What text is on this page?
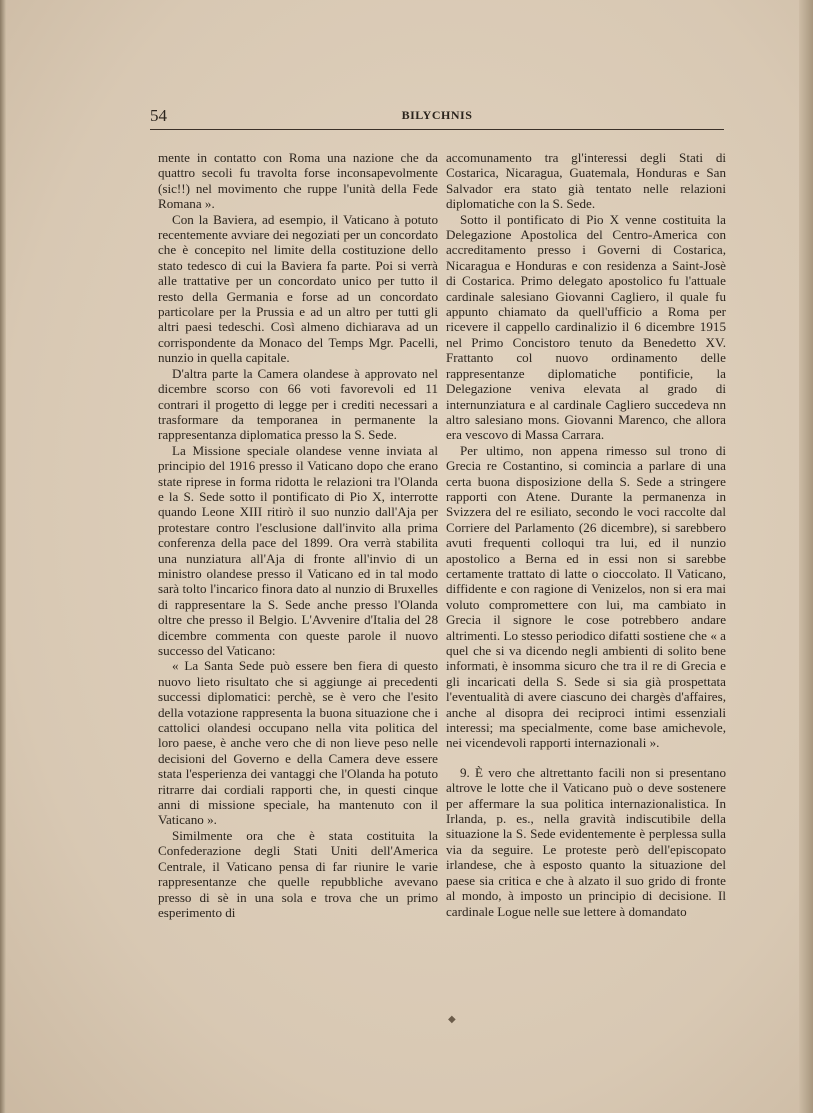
54	BILYCHNIS

mente in contatto con Roma una nazione che da quattro secoli fu travolta forse inconsapevolmente (sic!!) nel movimento che ruppe l'unità della Fede Romana ».

Con la Baviera, ad esempio, il Vaticano à potuto recentemente avviare dei negoziati per un concordato che è concepito nel limite della costituzione dello stato tedesco di cui la Baviera fa parte. Poi si verrà alle trattative per un concordato unico per tutto il resto della Germania e forse ad un concordato particolare per la Prussia e ad un altro per tutti gli altri paesi tedeschi. Così almeno dichiarava ad un corrispondente da Monaco del Temps Mgr. Pacelli, nunzio in quella capitale.

D'altra parte la Camera olandese à approvato nel dicembre scorso con 66 voti favorevoli ed 11 contrari il progetto di legge per i crediti necessari a trasformare da temporanea in permanente la rappresentanza diplomatica presso la S. Sede.

La Missione speciale olandese venne inviata al principio del 1916 presso il Vaticano dopo che erano state riprese in forma ridotta le relazioni tra l'Olanda e la S. Sede sotto il pontificato di Pio X, interrotte quando Leone XIII ritirò il suo nunzio dall'Aja per protestare contro l'esclusione dall'invito alla prima conferenza della pace del 1899. Ora verrà stabilita una nunziatura all'Aja di fronte all'invio di un ministro olandese presso il Vaticano ed in tal modo sarà tolto l'incarico finora dato al nunzio di Bruxelles di rappresentare la S. Sede anche presso l'Olanda oltre che presso il Belgio. L'Avvenire d'Italia del 28 dicembre commenta con queste parole il nuovo successo del Vaticano:

« La Santa Sede può essere ben fiera di questo nuovo lieto risultato che si aggiunge ai precedenti successi diplomatici: perchè, se è vero che l'esito della votazione rappresenta la buona situazione che i cattolici olandesi occupano nella vita politica del loro paese, è anche vero che di non lieve peso nelle decisioni del Governo e della Camera deve essere stata l'esperienza dei vantaggi che l'Olanda ha potuto ritrarre dai cordiali rapporti che, in questi cinque anni di missione speciale, ha mantenuto con il Vaticano ».

Similmente ora che è stata costituita la Confederazione degli Stati Uniti dell'America Centrale, il Vaticano pensa di far riunire le varie rappresentanze che quelle repubbliche avevano presso di sè in una sola e trova che un primo esperimento di

accomunamento tra gl'interessi degli Stati di Costarica, Nicaragua, Guatemala, Honduras e San Salvador era stato già tentato nelle relazioni diplomatiche con la S. Sede.

Sotto il pontificato di Pio X venne costituita la Delegazione Apostolica del Centro-America con accreditamento presso i Governi di Costarica, Nicaragua e Honduras e con residenza a Saint-Josè di Costarica. Primo delegato apostolico fu l'attuale cardinale salesiano Giovanni Cagliero, il quale fu appunto chiamato da quell'ufficio a Roma per ricevere il cappello cardinalizio il 6 dicembre 1915 nel Primo Concistoro tenuto da Benedetto XV. Frattanto col nuovo ordinamento delle rappresentanze diplomatiche pontificie, la Delegazione veniva elevata al grado di internunziatura e al cardinale Cagliero succedeva nn altro salesiano mons. Giovanni Marenco, che allora era vescovo di Massa Carrara.

Per ultimo, non appena rimesso sul trono di Grecia re Costantino, si comincia a parlare di una certa buona disposizione della S. Sede a stringere rapporti con Atene. Durante la permanenza in Svizzera del re esiliato, secondo le voci raccolte dal Corriere del Parlamento (26 dicembre), si sarebbero avuti frequenti colloqui tra lui, ed il nunzio apostolico a Berna ed in essi non si sarebbe certamente trattato di latte o cioccolato. Il Vaticano, diffidente e con ragione di Venizelos, non si era mai voluto compromettere con lui, ma cambiato in Grecia il signore le cose potrebbero andare altrimenti. Lo stesso periodico difatti sostiene che « a quel che si va dicendo negli ambienti di solito bene informati, è insomma sicuro che tra il re di Grecia e gli incaricati della S. Sede si sia già prospettata l'eventualità di avere ciascuno dei chargès d'affaires, anche al disopra dei reciproci intimi essenziali interessi; ma specialmente, come base amichevole, nei vicendevoli rapporti internazionali ».

9. È vero che altrettanto facili non si presentano altrove le lotte che il Vaticano può o deve sostenere per affermare la sua politica internazionalistica. In Irlanda, p. es., nella gravità indiscutibile della situazione la S. Sede evidentemente è perplessa sulla via da seguire. Le proteste però dell'episcopato irlandese, che à esposto quanto la situazione del paese sia critica e che à alzato il suo grido di fronte al mondo, à imposto un principio di decisione. Il cardinale Logue nelle sue lettere à domandato

◆
